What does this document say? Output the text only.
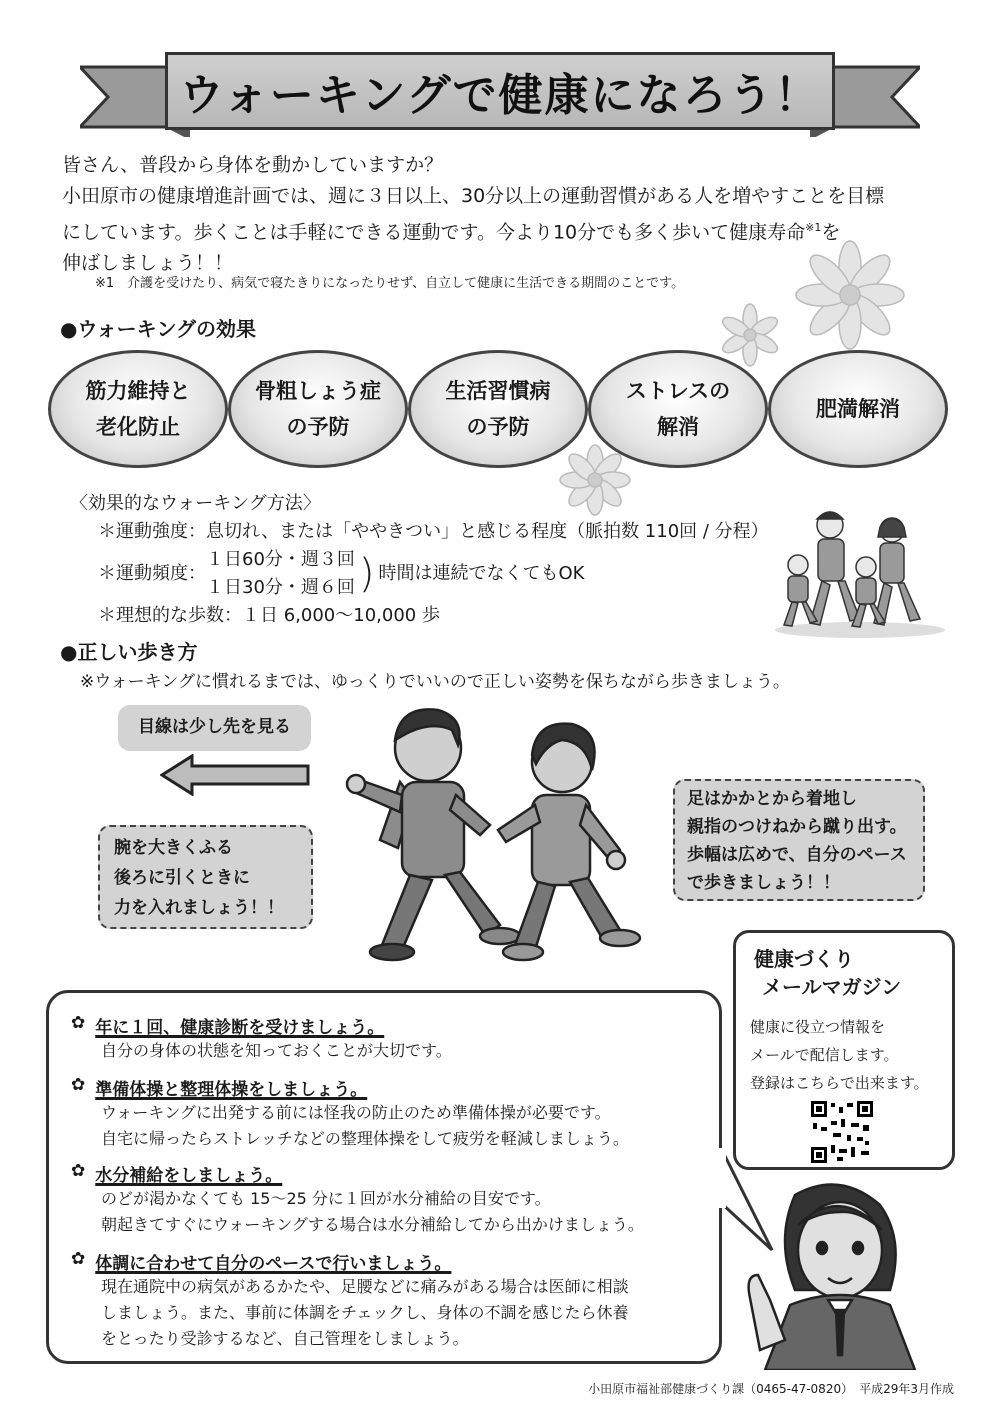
ウォーキングで健康になろう！

皆さん、普段から身体を動かしていますか？

小田原市の健康増進計画では、週に３日以上、30分以上の運動習慣がある人を増やすことを目標

にしています。歩くことは手軽にできる運動です。今より10分でも多く歩いて健康寿命$^{※1}$を

伸ばしましょう！！

※1　介護を受けたり、病気で寝たきりになったりせず、自立して健康に生活できる期間のことです。
●ウォーキングの効果
筋力維持と
老化防止
骨粗しょう症
の予防
生活習慣病
の予防
ストレスの
解消
肥満解消
〈効果的なウォーキング方法〉
＊運動強度：息切れ、または「ややきつい」と感じる程度（脈拍数 110回 / 分程）
＊運動頻度：
１日60分・週３回
１日30分・週６回 ) 時間は連続でなくてもOK
＊理想的な歩数：１日 6,000〜10,000 歩
●正しい歩き方
※ウォーキングに慣れるまでは、ゆっくりでいいので正しい姿勢を保ちながら歩きましょう。
目線は少し先を見る
腕を大きくふる
後ろに引くときに
力を入れましょう！！
足はかかとから着地し
親指のつけねから蹴り出す。
歩幅は広めで、自分のペース
で歩きましょう！！
✿ 年に１回、健康診断を受けましょう。
自分の身体の状態を知っておくことが大切です。
✿ 準備体操と整理体操をしましょう。
ウォーキングに出発する前には怪我の防止のため準備体操が必要です。
自宅に帰ったらストレッチなどの整理体操をして疲労を軽減しましょう。
✿ 水分補給をしましょう。
のどが渇かなくても 15〜25 分に１回が水分補給の目安です。
朝起きてすぐにウォーキングする場合は水分補給してから出かけましょう。
✿ 体調に合わせて自分のペースで行いましょう。
現在通院中の病気があるかたや、足腰などに痛みがある場合は医師に相談
しましょう。また、事前に体調をチェックし、身体の不調を感じたら休養
をとったり受診するなど、自己管理をしましょう。
健康づくり
メールマガジン
健康に役立つ情報を
メールで配信します。
登録はこちらで出来ます。
小田原市福祉部健康づくり課（0465-47-0820）　平成29年3月作成
